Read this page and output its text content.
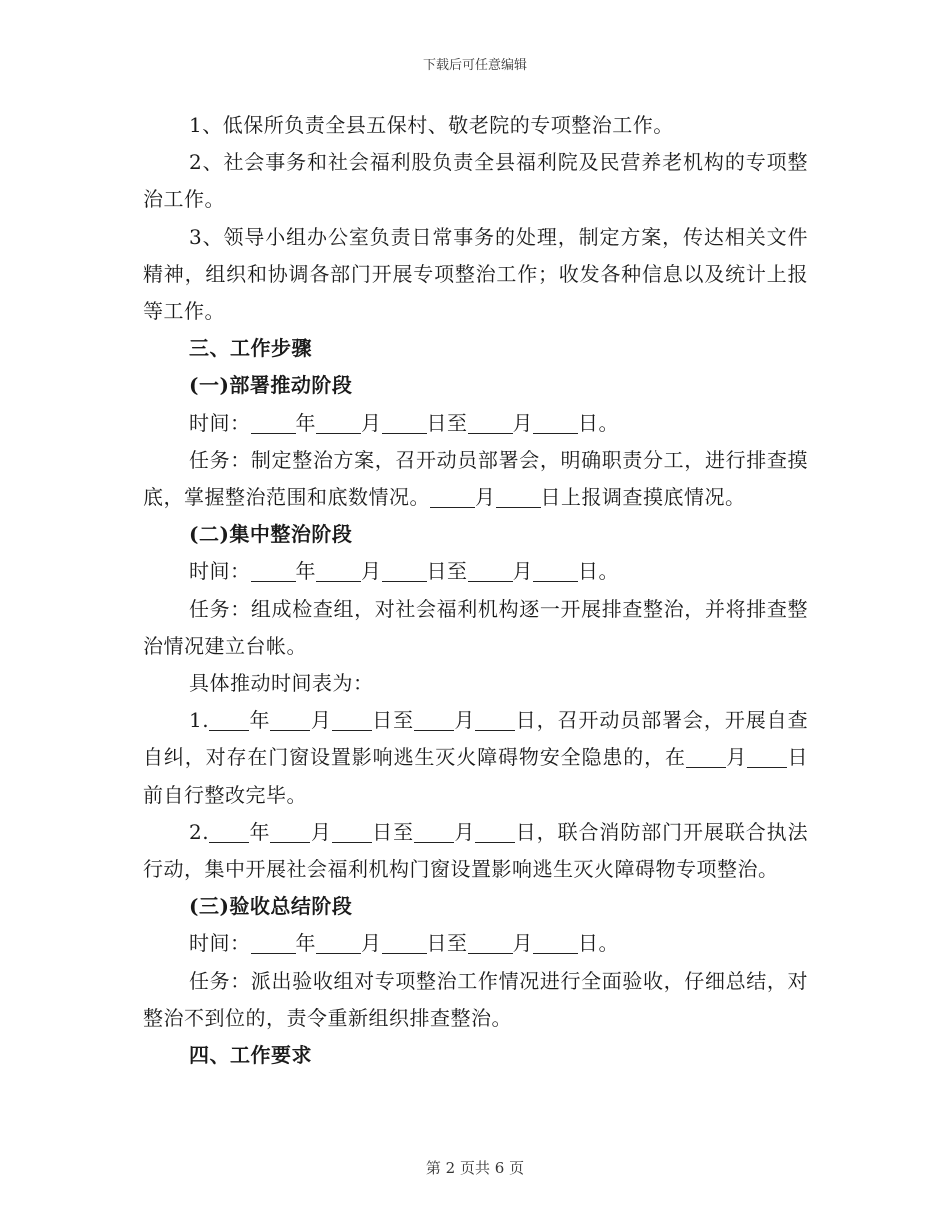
下载后可任意编辑

1、低保所负责全县五保村、敬老院的专项整治工作。

2、社会事务和社会福利股负责全县福利院及民营养老机构的专项整治工作。

3、领导小组办公室负责日常事务的处理，制定方案，传达相关文件精神，组织和协调各部门开展专项整治工作；收发各种信息以及统计上报等工作。

三、工作步骤

(一)部署推动阶段

时间： 年 月 日至 月 日。

任务：制定整治方案，召开动员部署会，明确职责分工，进行排查摸底，掌握整治范围和底数情况。 月 日上报调查摸底情况。

(二)集中整治阶段

时间： 年 月 日至 月 日。

任务：组成检查组，对社会福利机构逐一开展排查整治，并将排查整治情况建立台帐。

具体推动时间表为：

1. 年 月 日至 月 日，召开动员部署会，开展自查自纠，对存在门窗设置影响逃生灭火障碍物安全隐患的，在 月 日前自行整改完毕。

2. 年 月 日至 月 日，联合消防部门开展联合执法行动，集中开展社会福利机构门窗设置影响逃生灭火障碍物专项整治。

(三)验收总结阶段

时间： 年 月 日至 月 日。

任务：派出验收组对专项整治工作情况进行全面验收，仔细总结，对整治不到位的，责令重新组织排查整治。

四、工作要求

第 2 页共 6 页
